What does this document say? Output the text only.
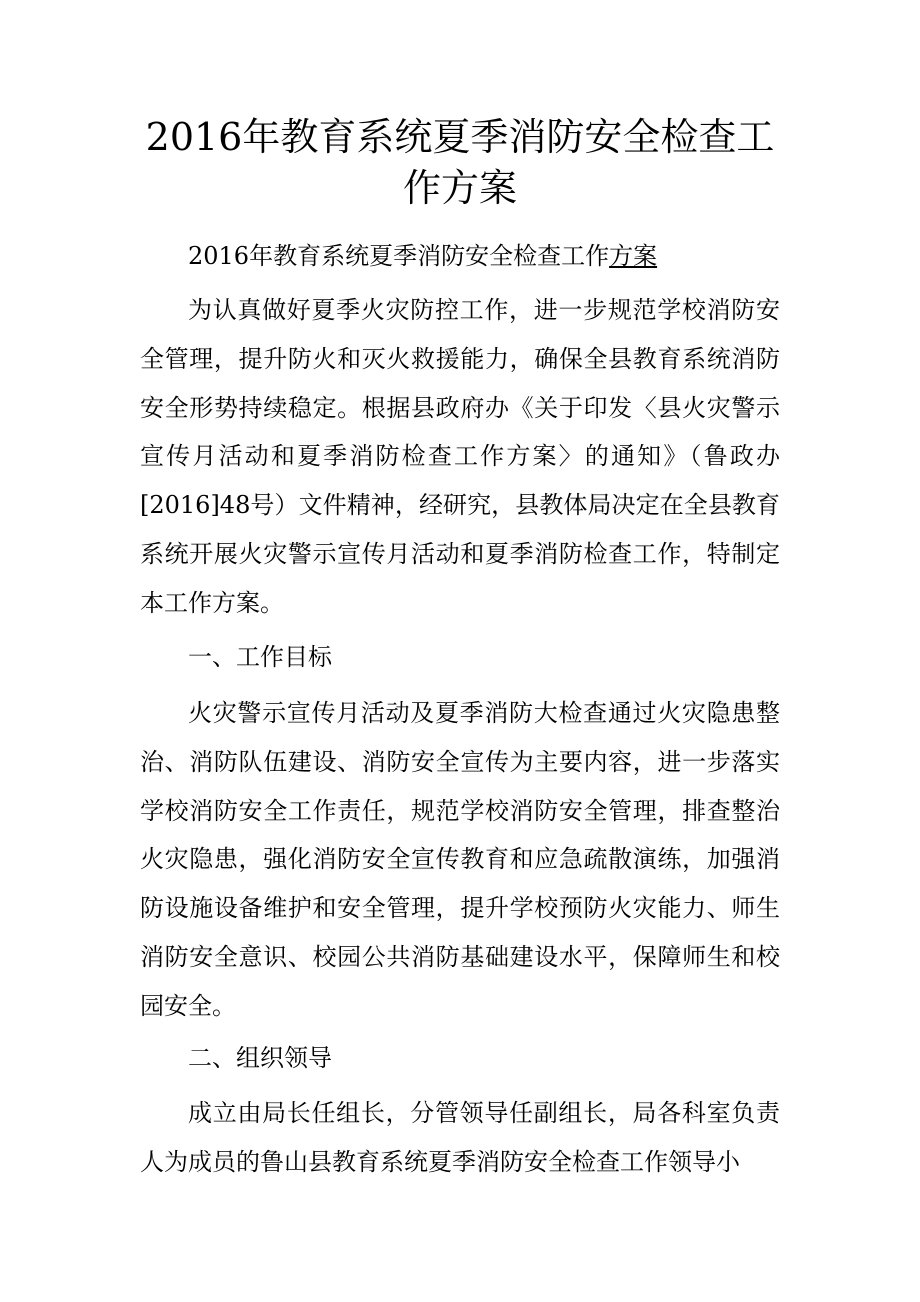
2016年教育系统夏季消防安全检查工作方案

2016年教育系统夏季消防安全检查工作方案

为认真做好夏季火灾防控工作，进一步规范学校消防安全管理，提升防火和灭火救援能力，确保全县教育系统消防安全形势持续稳定。根据县政府办《关于印发〈县火灾警示宣传月活动和夏季消防检查工作方案〉的通知》（鲁政办[2016]48号）文件精神，经研究，县教体局决定在全县教育系统开展火灾警示宣传月活动和夏季消防检查工作，特制定本工作方案。

一、工作目标

火灾警示宣传月活动及夏季消防大检查通过火灾隐患整治、消防队伍建设、消防安全宣传为主要内容，进一步落实学校消防安全工作责任，规范学校消防安全管理，排查整治火灾隐患，强化消防安全宣传教育和应急疏散演练，加强消防设施设备维护和安全管理，提升学校预防火灾能力、师生消防安全意识、校园公共消防基础建设水平，保障师生和校园安全。

二、组织领导

成立由局长任组长，分管领导任副组长，局各科室负责人为成员的鲁山县教育系统夏季消防安全检查工作领导小
